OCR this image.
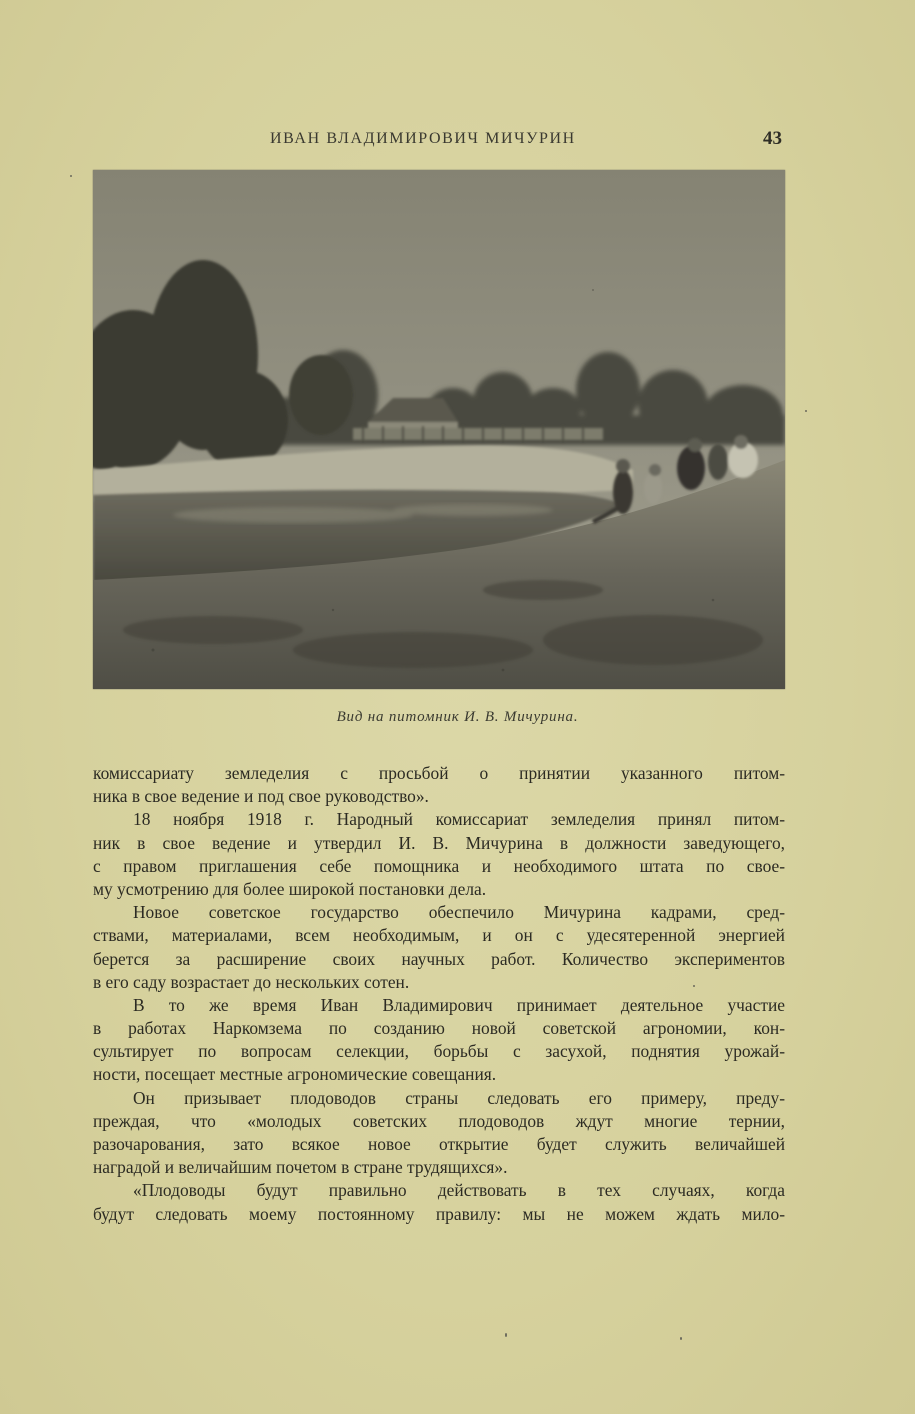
ИВАН ВЛАДИМИРОВИЧ МИЧУРИН	43
Вид на питомник И. В. Мичурина.
комиссариату земледелия с просьбой о принятии указанного питом-
ника в свое ведение и под свое руководство».
18 ноября 1918 г. Народный комиссариат земледелия принял питом-
ник в свое ведение и утвердил И. В. Мичурина в должности заведующего,
с правом приглашения себе помощника и необходимого штата по свое-
му усмотрению для более широкой постановки дела.
Новое советское государство обеспечило Мичурина кадрами, сред-
ствами, материалами, всем необходимым, и он с удесятеренной энергией
берется за расширение своих научных работ. Количество экспериментов
в его саду возрастает до нескольких сотен.
В то же время Иван Владимирович принимает деятельное участие
в работах Наркомзема по созданию новой советской агрономии, кон-
сультирует по вопросам селекции, борьбы с засухой, поднятия урожай-
ности, посещает местные агрономические совещания.
Он призывает плодоводов страны следовать его примеру, преду-
преждая, что «молодых советских плодоводов ждут многие тернии,
разочарования, зато всякое новое открытие будет служить величайшей
наградой и величайшим почетом в стране трудящихся».
«Плодоводы будут правильно действовать в тех случаях, когда
будут следовать моему постоянному правилу: мы не можем ждать мило-
